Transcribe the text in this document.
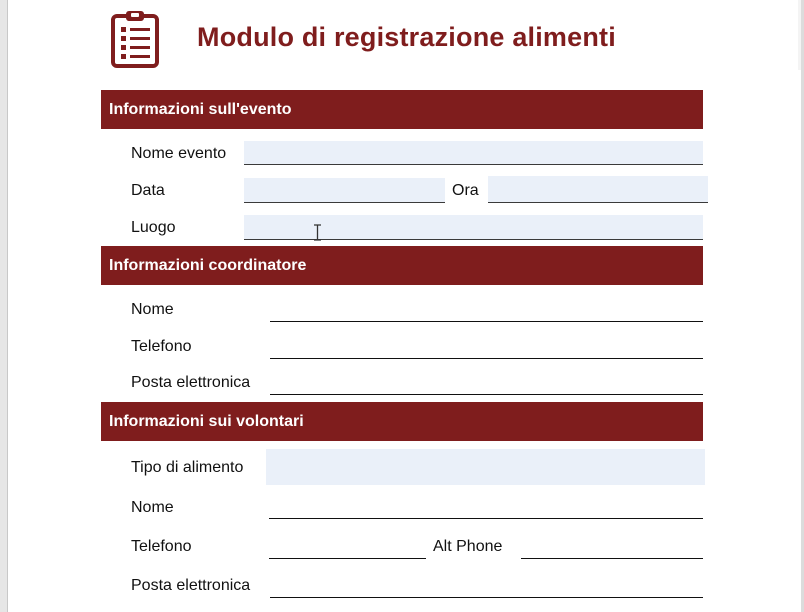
Modulo di registrazione alimenti
Informazioni sull'evento
Nome evento
Data	Ora
Luogo
Informazioni coordinatore
Nome
Telefono
Posta elettronica
Informazioni sui volontari
Tipo di alimento
Nome
Telefono	Alt Phone
Posta elettronica
